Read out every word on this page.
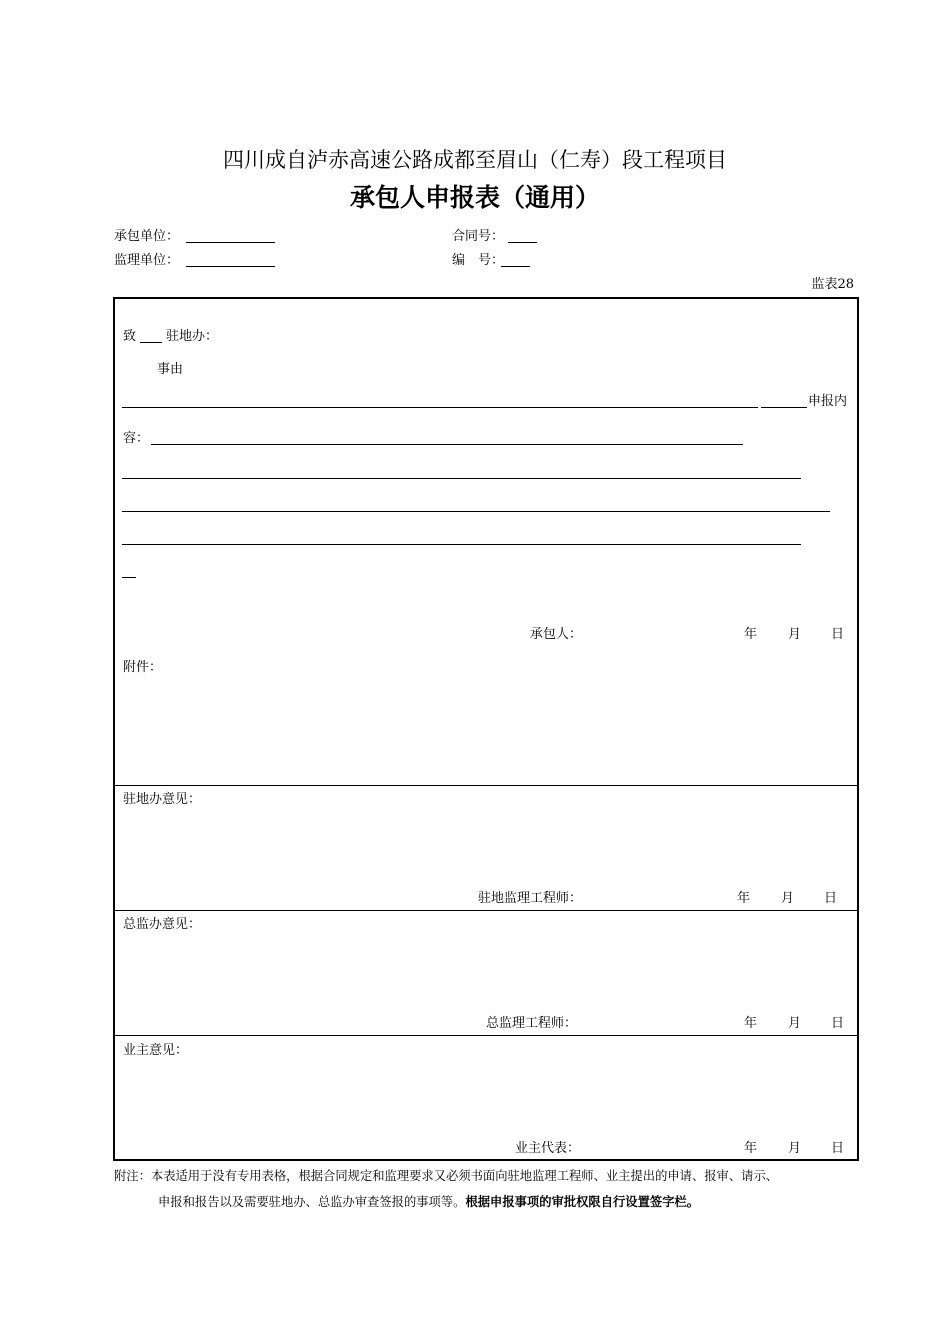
四川成自泸赤高速公路成都至眉山（仁寿）段工程项目
承包人申报表（通用）
承包单位：	合同号：
监理单位：	编　号：
监表28
致 驻地办：
事由
申报内
容：
承包人：	年 月 日
附件：
驻地办意见：
驻地监理工程师：	年 月 日
总监办意见：
总监理工程师：	年 月 日
业主意见：
业主代表：	年 月 日
附注：本表适用于没有专用表格，根据合同规定和监理要求又必须书面向驻地监理工程师、业主提出的申请、报审、请示、
申报和报告以及需要驻地办、总监办审查签报的事项等。根据申报事项的审批权限自行设置签字栏。
